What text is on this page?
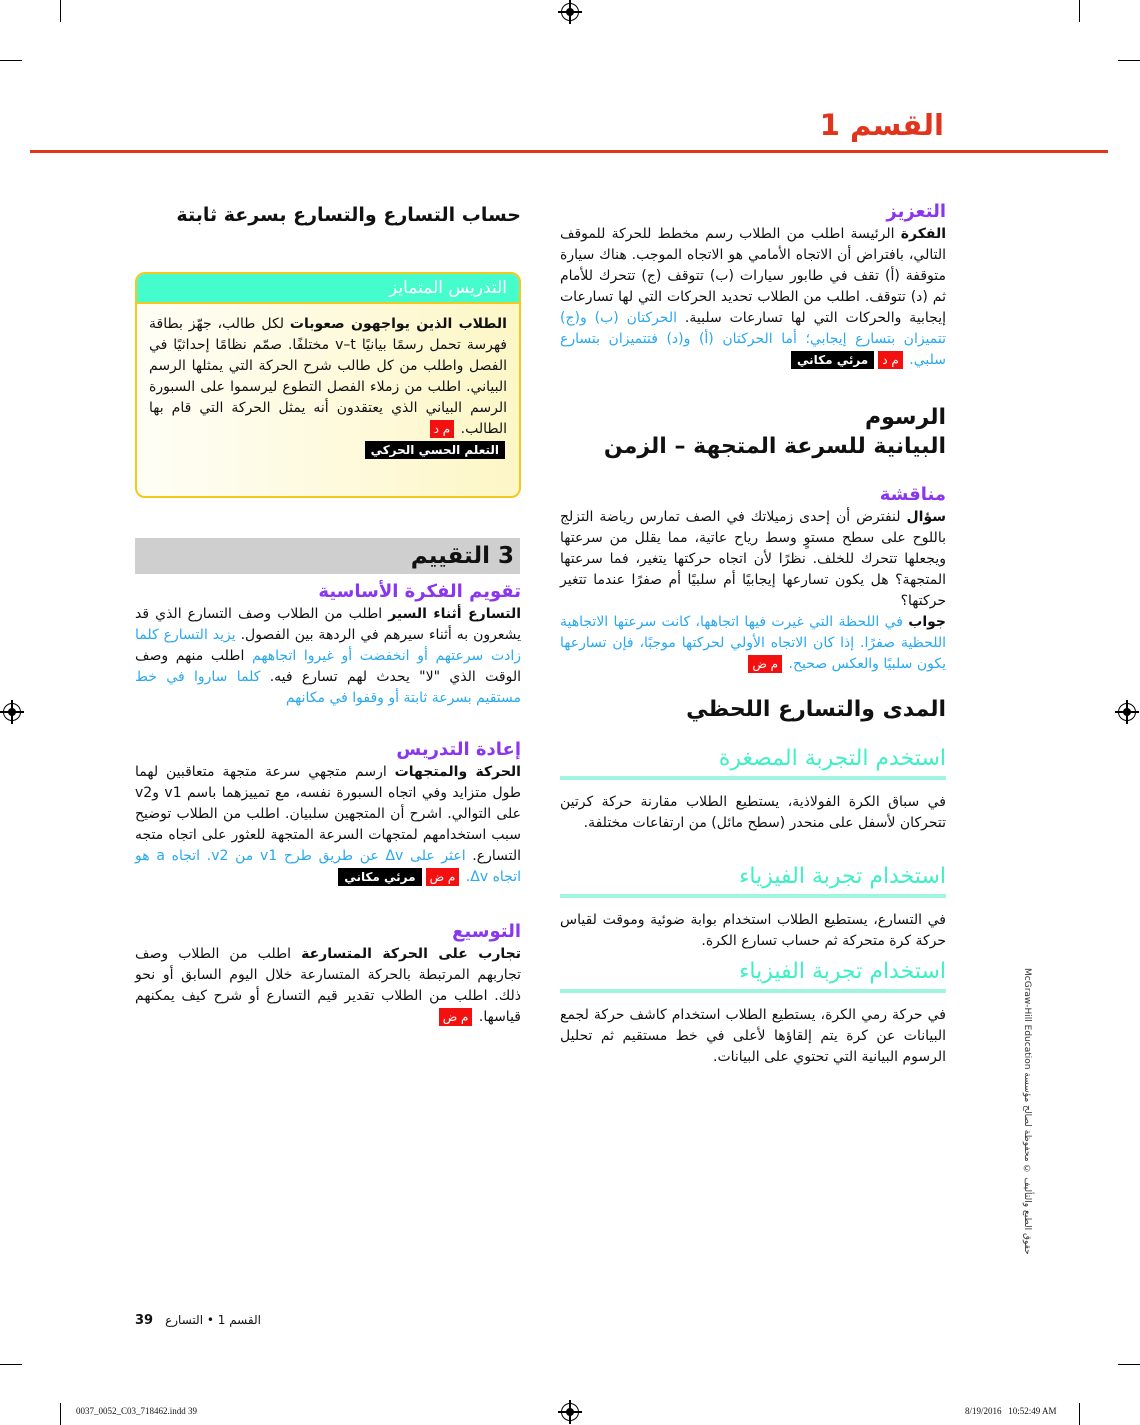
القسم 1
التعزيز
الفكرة الرئيسة اطلب من الطلاب رسم مخطط للحركة للموقف التالي، بافتراض أن الاتجاه الأمامي هو الاتجاه الموجب. هناك سيارة متوقفة (أ) تقف في طابور سيارات (ب) تتوقف (ج) تتحرك للأمام ثم (د) تتوقف. اطلب من الطلاب تحديد الحركات التي لها تسارعات إيجابية والحركات التي لها تسارعات سلبية. الحركتان (ب) و(ج) تتميزان بتسارع إيجابي؛ أما الحركتان (أ) و(د) فتتميزان بتسارع سلبي. م دمرئي مكاني
الرسوم
البيانية للسرعة المتجهة – الزمن
مناقشة
سؤال لنفترض أن إحدى زميلاتك في الصف تمارس رياضة التزلج باللوح على سطح مستوٍ وسط رياح عاتية، مما يقلل من سرعتها ويجعلها تتحرك للخلف. نظرًا لأن اتجاه حركتها يتغير، فما سرعتها المتجهة؟ هل يكون تسارعها إيجابيًا أم سلبيًا أم صفرًا عندما تتغير حركتها؟
جواب في اللحظة التي غيرت فيها اتجاهها، كانت سرعتها الاتجاهية اللحظية صفرًا. إذا كان الاتجاه الأولي لحركتها موجبًا، فإن تسارعها يكون سلبيًا والعكس صحيح. م ض
المدى والتسارع اللحظي
استخدم التجربة المصغرة
في سباق الكرة الفولاذية، يستطيع الطلاب مقارنة حركة كرتين تتحركان لأسفل على منحدر (سطح مائل) من ارتفاعات مختلفة.
استخدام تجربة الفيزياء
في التسارع، يستطيع الطلاب استخدام بوابة ضوئية وموقت لقياس حركة كرة متحركة ثم حساب تسارع الكرة.
استخدام تجربة الفيزياء
في حركة رمي الكرة، يستطيع الطلاب استخدام كاشف حركة لجمع البيانات عن كرة يتم إلقاؤها لأعلى في خط مستقيم ثم تحليل الرسوم البيانية التي تحتوي على البيانات.
حساب التسارع والتسارع بسرعة ثابتة
التدريس المتمايز
الطلاب الذين يواجهون صعوبات لكل طالب، جهّز بطاقة فهرسة تحمل رسمًا بيانيًا v–t مختلفًا. صمّم نظامًا إحداثيًا في الفصل واطلب من كل طالب شرح الحركة التي يمثلها الرسم البياني. اطلب من زملاء الفصل التطوع ليرسموا على السبورة الرسم البياني الذي يعتقدون أنه يمثل الحركة التي قام بها الطالب. م د
التعلم الحسي الحركي
3 التقييم
تقويم الفكرة الأساسية
التسارع أثناء السير اطلب من الطلاب وصف التسارع الذي قد يشعرون به أثناء سيرهم في الردهة بين الفصول. يزيد التسارع كلما زادت سرعتهم أو انخفضت أو غيروا اتجاههم اطلب منهم وصف الوقت الذي "لا" يحدث لهم تسارع فيه. كلما ساروا في خط مستقيم بسرعة ثابتة أو وقفوا في مكانهم
إعادة التدريس
الحركة والمتجهات ارسم متجهي سرعة متجهة متعاقبين لهما طول متزايد وفي اتجاه السبورة نفسه، مع تمييزهما باسم v1 وv2 على التوالي. اشرح أن المتجهين سلبيان. اطلب من الطلاب توضيح سبب استخدامهم لمتجهات السرعة المتجهة للعثور على اتجاه متجه التسارع. اعثر على Δv عن طريق طرح v1 من v2. اتجاه a هو اتجاه Δv. م ضمرئي مكاني
التوسيع
تجارب على الحركة المتسارعة اطلب من الطلاب وصف تجاربهم المرتبطة بالحركة المتسارعة خلال اليوم السابق أو نحو ذلك. اطلب من الطلاب تقدير قيم التسارع أو شرح كيف يمكنهم قياسها. م ض	حقوق الطبع والتأليف © محفوظة لصالح مؤسسة McGraw-Hill Education
39 القسم 1 • التسارع
0037_0052_C03_718462.indd 39	8/19/2016   10:52:49 AM
